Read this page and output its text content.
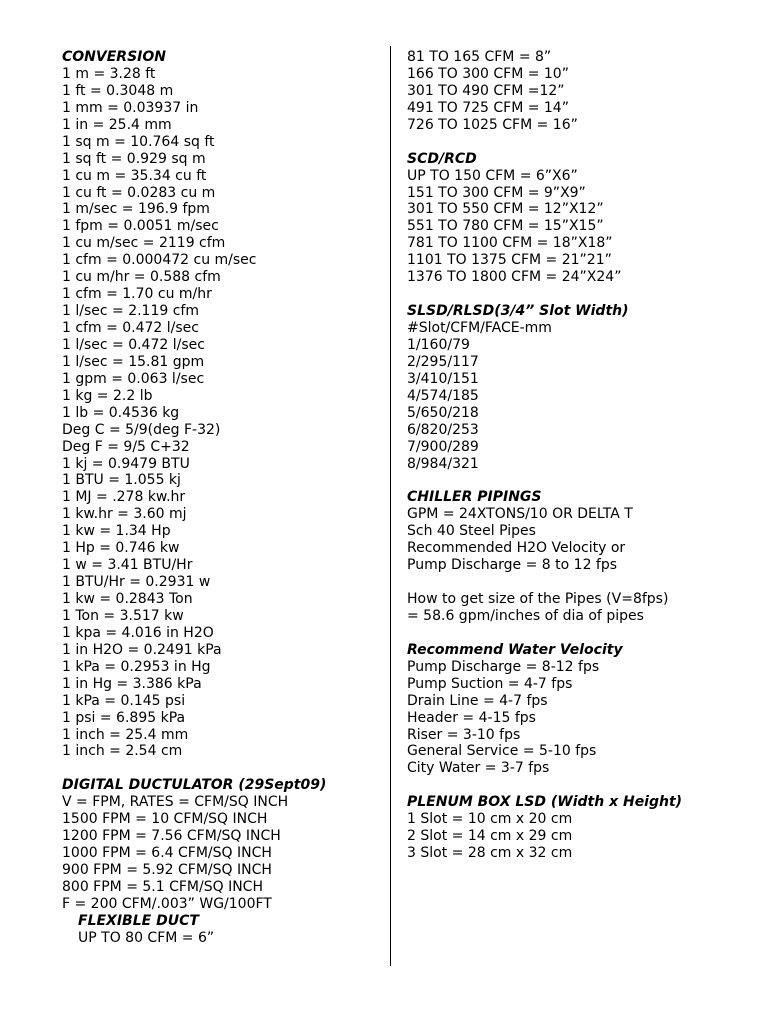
CONVERSION
1 m = 3.28 ft
1 ft = 0.3048 m
1 mm = 0.03937 in
1 in = 25.4 mm
1 sq m = 10.764 sq ft
1 sq ft = 0.929 sq m
1 cu m = 35.34 cu ft
1 cu ft = 0.0283 cu m
1 m/sec = 196.9 fpm
1 fpm = 0.0051 m/sec
1 cu m/sec = 2119 cfm
1 cfm = 0.000472 cu m/sec
1 cu m/hr = 0.588 cfm
1 cfm = 1.70 cu m/hr
1 l/sec = 2.119 cfm
1 cfm = 0.472 l/sec
1 l/sec = 0.472 l/sec
1 l/sec = 15.81 gpm
1 gpm = 0.063 l/sec
1 kg = 2.2 lb
1 lb = 0.4536 kg
Deg C = 5/9(deg F-32)
Deg F = 9/5 C+32
1 kj = 0.9479 BTU
1 BTU = 1.055 kj
1 MJ = .278 kw.hr
1 kw.hr = 3.60 mj
1 kw = 1.34 Hp
1 Hp = 0.746 kw
1 w = 3.41 BTU/Hr
1 BTU/Hr = 0.2931 w
1 kw = 0.2843 Ton
1 Ton = 3.517 kw
1 kpa = 4.016 in H2O
1 in H2O = 0.2491 kPa
1 kPa = 0.2953 in Hg
1 in Hg = 3.386 kPa
1 kPa = 0.145 psi
1 psi = 6.895 kPa
1 inch = 25.4 mm
1 inch = 2.54 cm
DIGITAL DUCTULATOR (29Sept09)
V = FPM, RATES = CFM/SQ INCH
1500 FPM = 10 CFM/SQ INCH
1200 FPM = 7.56 CFM/SQ INCH
1000 FPM = 6.4 CFM/SQ INCH
900 FPM = 5.92 CFM/SQ INCH
800 FPM = 5.1 CFM/SQ INCH
F = 200 CFM/.003” WG/100FT
FLEXIBLE DUCT
UP TO 80 CFM = 6”
81 TO 165 CFM = 8”
166 TO 300 CFM = 10”
301 TO 490 CFM =12”
491 TO 725 CFM = 14”
726 TO 1025 CFM = 16”
SCD/RCD
UP TO 150 CFM = 6”X6”
151 TO 300 CFM = 9”X9”
301 TO 550 CFM = 12”X12”
551 TO 780 CFM = 15”X15”
781 TO 1100 CFM = 18”X18”
1101 TO 1375 CFM = 21”21”
1376 TO 1800 CFM = 24”X24”
SLSD/RLSD(3/4” Slot Width)
#Slot/CFM/FACE-mm
1/160/79
2/295/117
3/410/151
4/574/185
5/650/218
6/820/253
7/900/289
8/984/321
CHILLER PIPINGS
GPM = 24XTONS/10 OR DELTA T
Sch 40 Steel Pipes
Recommended H2O Velocity or
Pump Discharge = 8 to 12 fps
How to get size of the Pipes (V=8fps)
= 58.6 gpm/inches of dia of pipes
Recommend Water Velocity
Pump Discharge = 8-12 fps
Pump Suction = 4-7 fps
Drain Line = 4-7 fps
Header = 4-15 fps
Riser = 3-10 fps
General Service = 5-10 fps
City Water = 3-7 fps
PLENUM BOX LSD (Width x Height)
1 Slot = 10 cm x 20 cm
2 Slot = 14 cm x 29 cm
3 Slot = 28 cm x 32 cm
